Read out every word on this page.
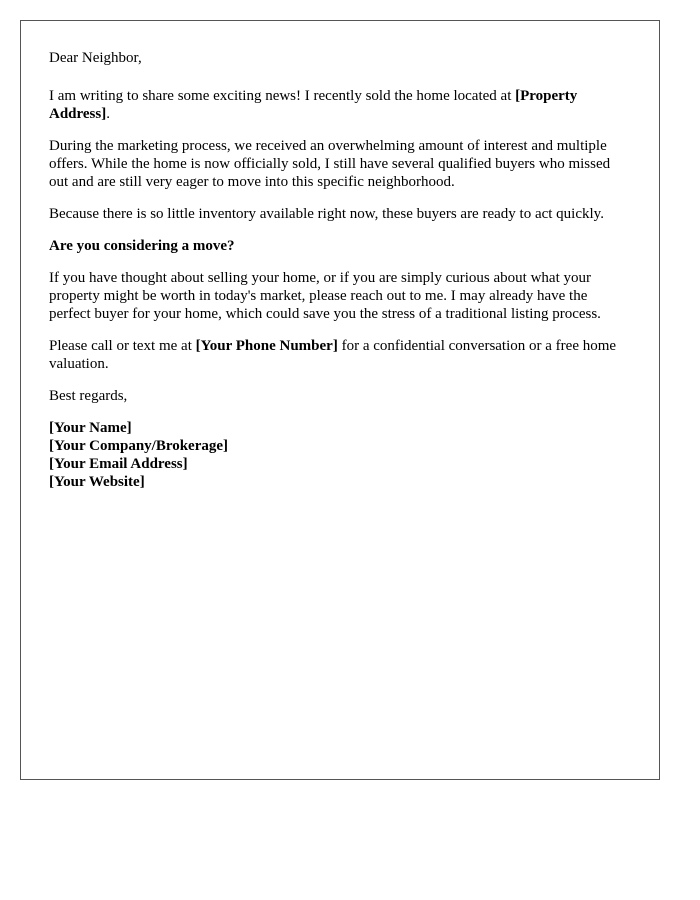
Dear Neighbor,

I am writing to share some exciting news! I recently sold the home located at [Property Address].

During the marketing process, we received an overwhelming amount of interest and multiple offers. While the home is now officially sold, I still have several qualified buyers who missed out and are still very eager to move into this specific neighborhood.

Because there is so little inventory available right now, these buyers are ready to act quickly.

Are you considering a move?

If you have thought about selling your home, or if you are simply curious about what your property might be worth in today's market, please reach out to me. I may already have the perfect buyer for your home, which could save you the stress of a traditional listing process.

Please call or text me at [Your Phone Number] for a confidential conversation or a free home valuation.

Best regards,

[Your Name]
[Your Company/Brokerage]
[Your Email Address]
[Your Website]
